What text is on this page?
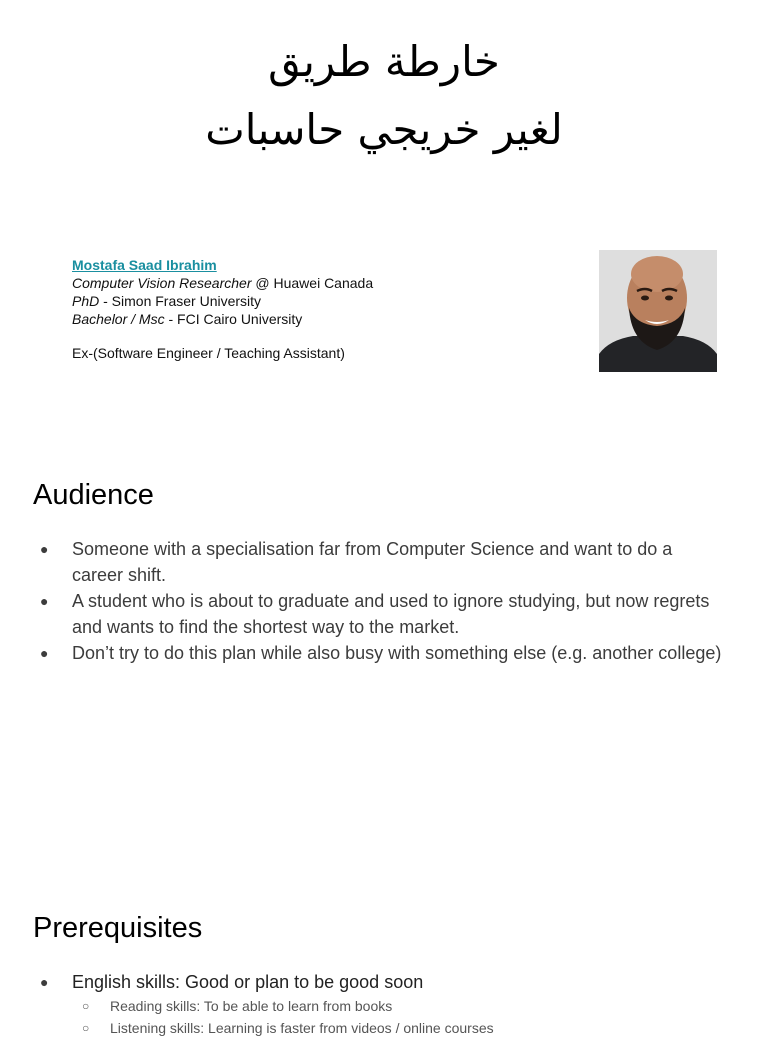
خارطة طريق
لغير خريجي حاسبات
Mostafa Saad Ibrahim
Computer Vision Researcher @ Huawei Canada
PhD - Simon Fraser University
Bachelor / Msc - FCI Cairo University
Ex-(Software Engineer / Teaching Assistant)
Audience
● Someone with a specialisation far from Computer Science and want to do a career shift.
● A student who is about to graduate and used to ignore studying, but now regrets and wants to find the shortest way to the market.
● Don’t try to do this plan while also busy with something else (e.g. another college)
Prerequisites
● English skills: Good or plan to be good soon
○ Reading skills: To be able to learn from books
○ Listening skills: Learning is faster from videos / online courses
